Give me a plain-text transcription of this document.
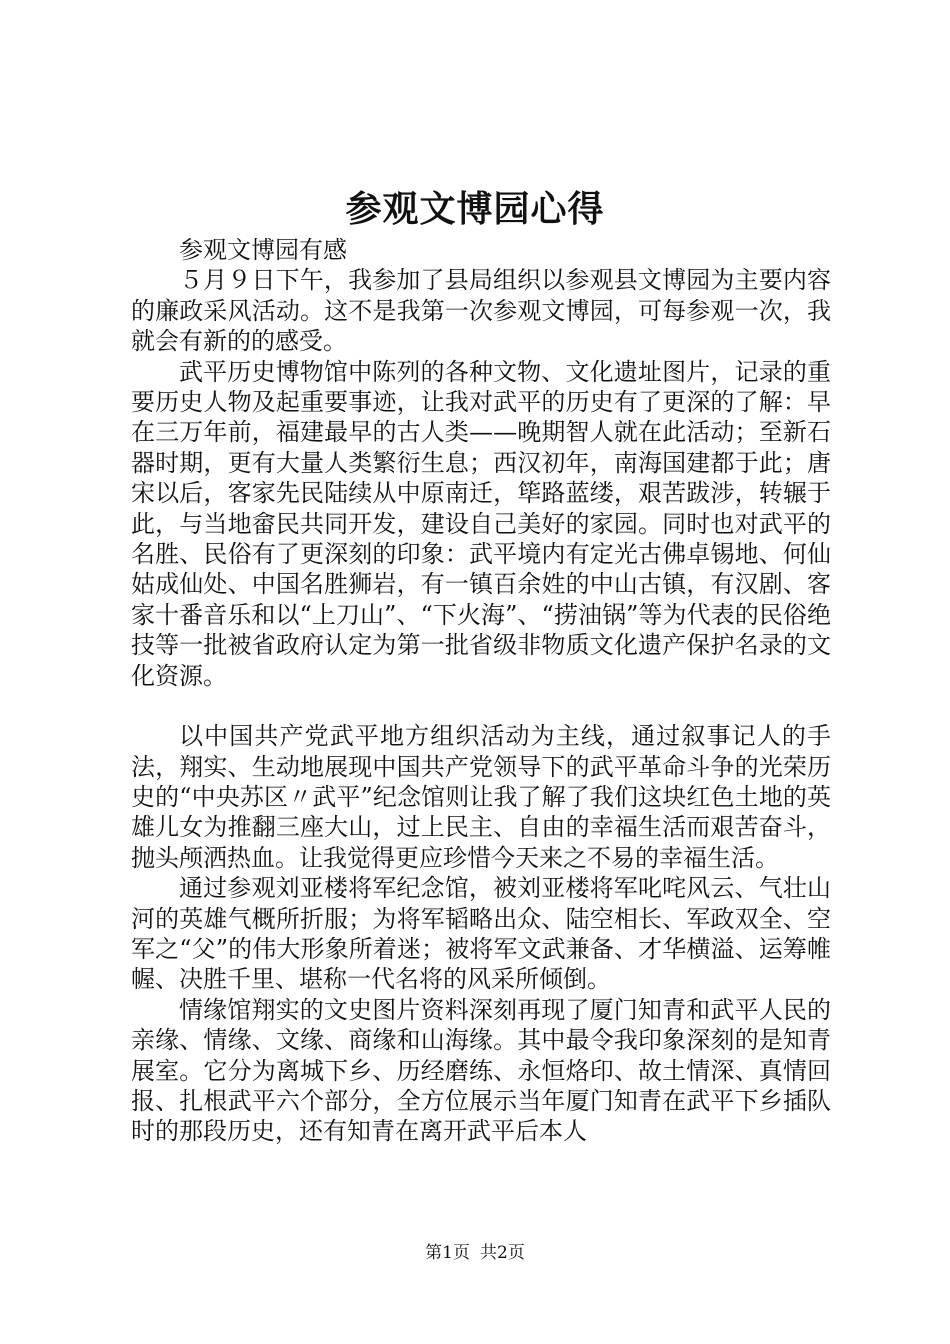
参观文博园心得

参观文博园有感

５月９日下午，我参加了县局组织以参观县文博园为主要内容的廉政采风活动。这不是我第一次参观文博园，可每参观一次，我就会有新的的感受。

武平历史博物馆中陈列的各种文物、文化遗址图片，记录的重要历史人物及起重要事迹，让我对武平的历史有了更深的了解：早在三万年前，福建最早的古人类——晚期智人就在此活动；至新石器时期，更有大量人类繁衍生息；西汉初年，南海国建都于此；唐宋以后，客家先民陆续从中原南迁，筚路蓝缕，艰苦跋涉，转辗于此，与当地畲民共同开发，建设自己美好的家园。同时也对武平的名胜、民俗有了更深刻的印象：武平境内有定光古佛卓锡地、何仙姑成仙处、中国名胜狮岩，有一镇百余姓的中山古镇，有汉剧、客家十番音乐和以“上刀山”、“下火海”、“捞油锅”等为代表的民俗绝技等一批被省政府认定为第一批省级非物质文化遗产保护名录的文化资源。

以中国共产党武平地方组织活动为主线，通过叙事记人的手法，翔实、生动地展现中国共产党领导下的武平革命斗争的光荣历史的“中央苏区〃武平”纪念馆则让我了解了我们这块红色土地的英雄儿女为推翻三座大山，过上民主、自由的幸福生活而艰苦奋斗，抛头颅洒热血。让我觉得更应珍惜今天来之不易的幸福生活。

通过参观刘亚楼将军纪念馆，被刘亚楼将军叱咤风云、气壮山河的英雄气概所折服；为将军韬略出众、陆空相长、军政双全、空军之“父”的伟大形象所着迷；被将军文武兼备、才华横溢、运筹帷幄、决胜千里、堪称一代名将的风采所倾倒。

情缘馆翔实的文史图片资料深刻再现了厦门知青和武平人民的亲缘、情缘、文缘、商缘和山海缘。其中最令我印象深刻的是知青展室。它分为离城下乡、历经磨练、永恒烙印、故土情深、真情回报、扎根武平六个部分，全方位展示当年厦门知青在武平下乡插队时的那段历史，还有知青在离开武平后本人

第1页 共2页
